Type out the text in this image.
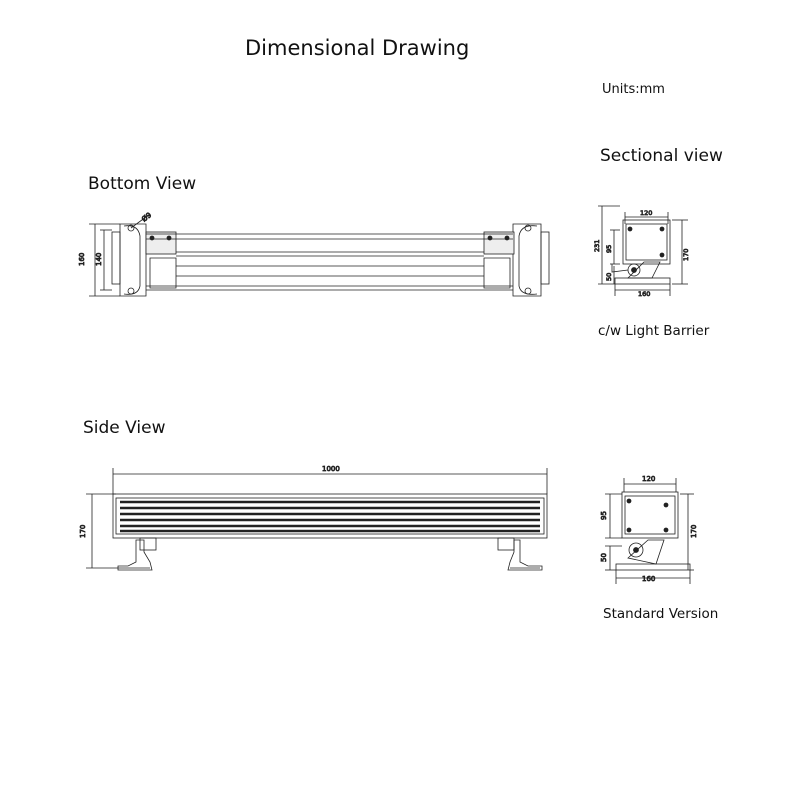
Dimensional Drawing
Units:mm
Sectional view
Bottom View
Side View
c/w Light Barrier
Standard Version
160 140
Ø9
1000
170
120
160
231 95
50
170
120
160
95
50
170
